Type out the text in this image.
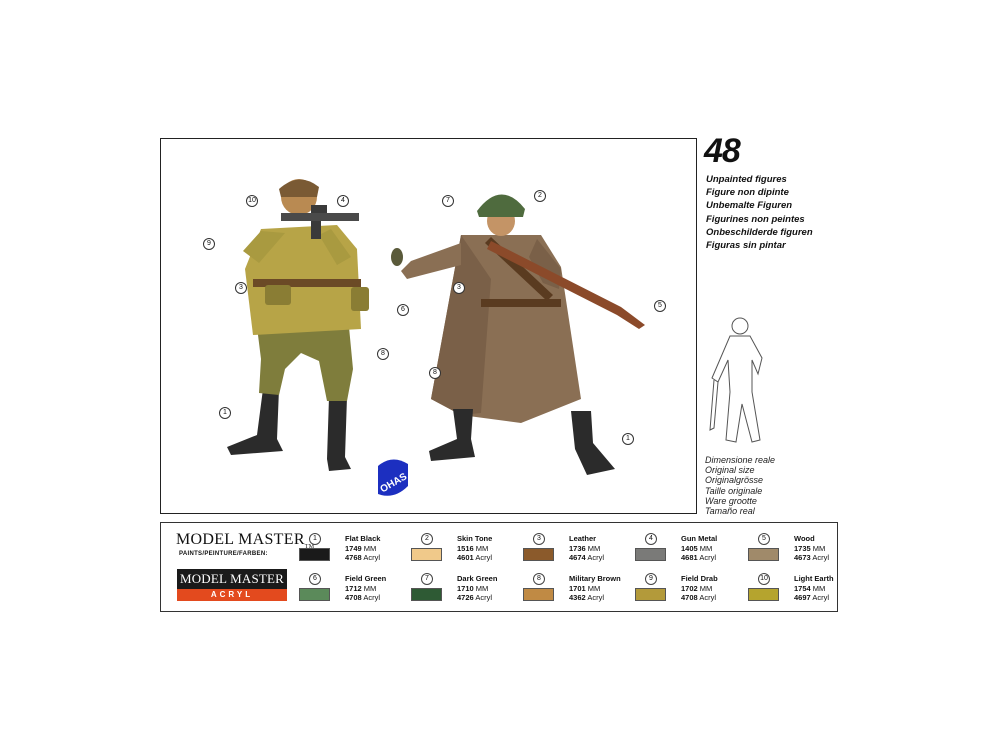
10	4
9
3
6
8
1
7
2
3
5
8
1
OHAS
48
Unpainted figures
Figure non dipinte
Unbemalte Figuren
Figurines non peintes
Onbeschilderde figuren
Figuras sin pintar
Dimensione reale
Original size
Originalgrösse
Taille originale
Ware grootte
Tamaño real
MODEL MASTER
PAINTS/PEINTURE/FARBEN:
MODEL MASTER
ACRYL
1	Flat Black
1749 MM
4768 Acryl
2	Skin Tone
1516 MM
4601 Acryl
3	Leather
1736 MM
4674 Acryl
4	Gun Metal
1405 MM
4681 Acryl
5	Wood
1735 MM
4673 Acryl
6	Field Green
1712 MM
4708 Acryl
7	Dark Green
1710 MM
4726 Acryl
8	Military Brown
1701 MM
4362 Acryl
9	Field Drab
1702 MM
4708 Acryl
10	Light Earth
1754 MM
4697 Acryl
